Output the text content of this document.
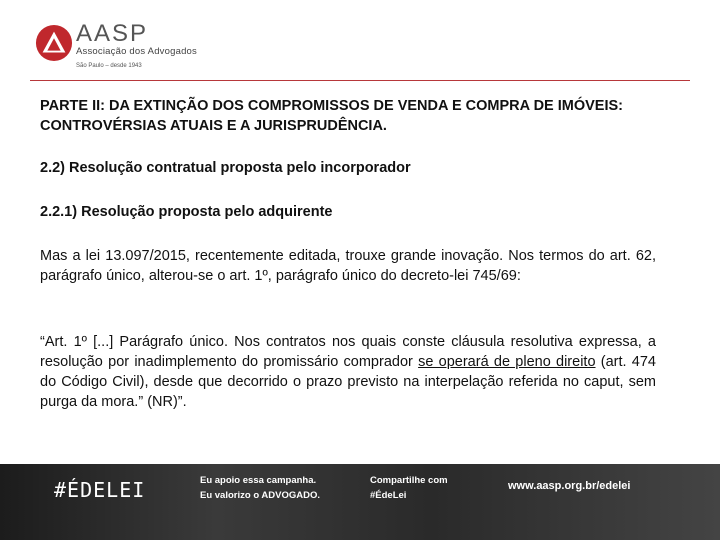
AASP
Associação dos Advogados
São Paulo – desde 1943

PARTE II: DA EXTINÇÃO DOS COMPROMISSOS DE VENDA E COMPRA DE IMÓVEIS: CONTROVÉRSIAS ATUAIS E A JURISPRUDÊNCIA.

2.2) Resolução contratual proposta pelo incorporador

2.2.1) Resolução proposta pelo adquirente

Mas a lei 13.097/2015, recentemente editada, trouxe grande inovação. Nos termos do art. 62, parágrafo único, alterou-se o art. 1º, parágrafo único do decreto-lei 745/69:

“Art. 1º [...] Parágrafo único. Nos contratos nos quais conste cláusula resolutiva expressa, a resolução por inadimplemento do promissário comprador se operará de pleno direito (art. 474 do Código Civil), desde que decorrido o prazo previsto na interpelação referida no caput, sem purga da mora.” (NR)”.

#ÉDELEI	Eu apoio essa campanha.
Eu valorizo o ADVOGADO.
Compartilhe com
#ÉdeLei
www.aasp.org.br/edelei
